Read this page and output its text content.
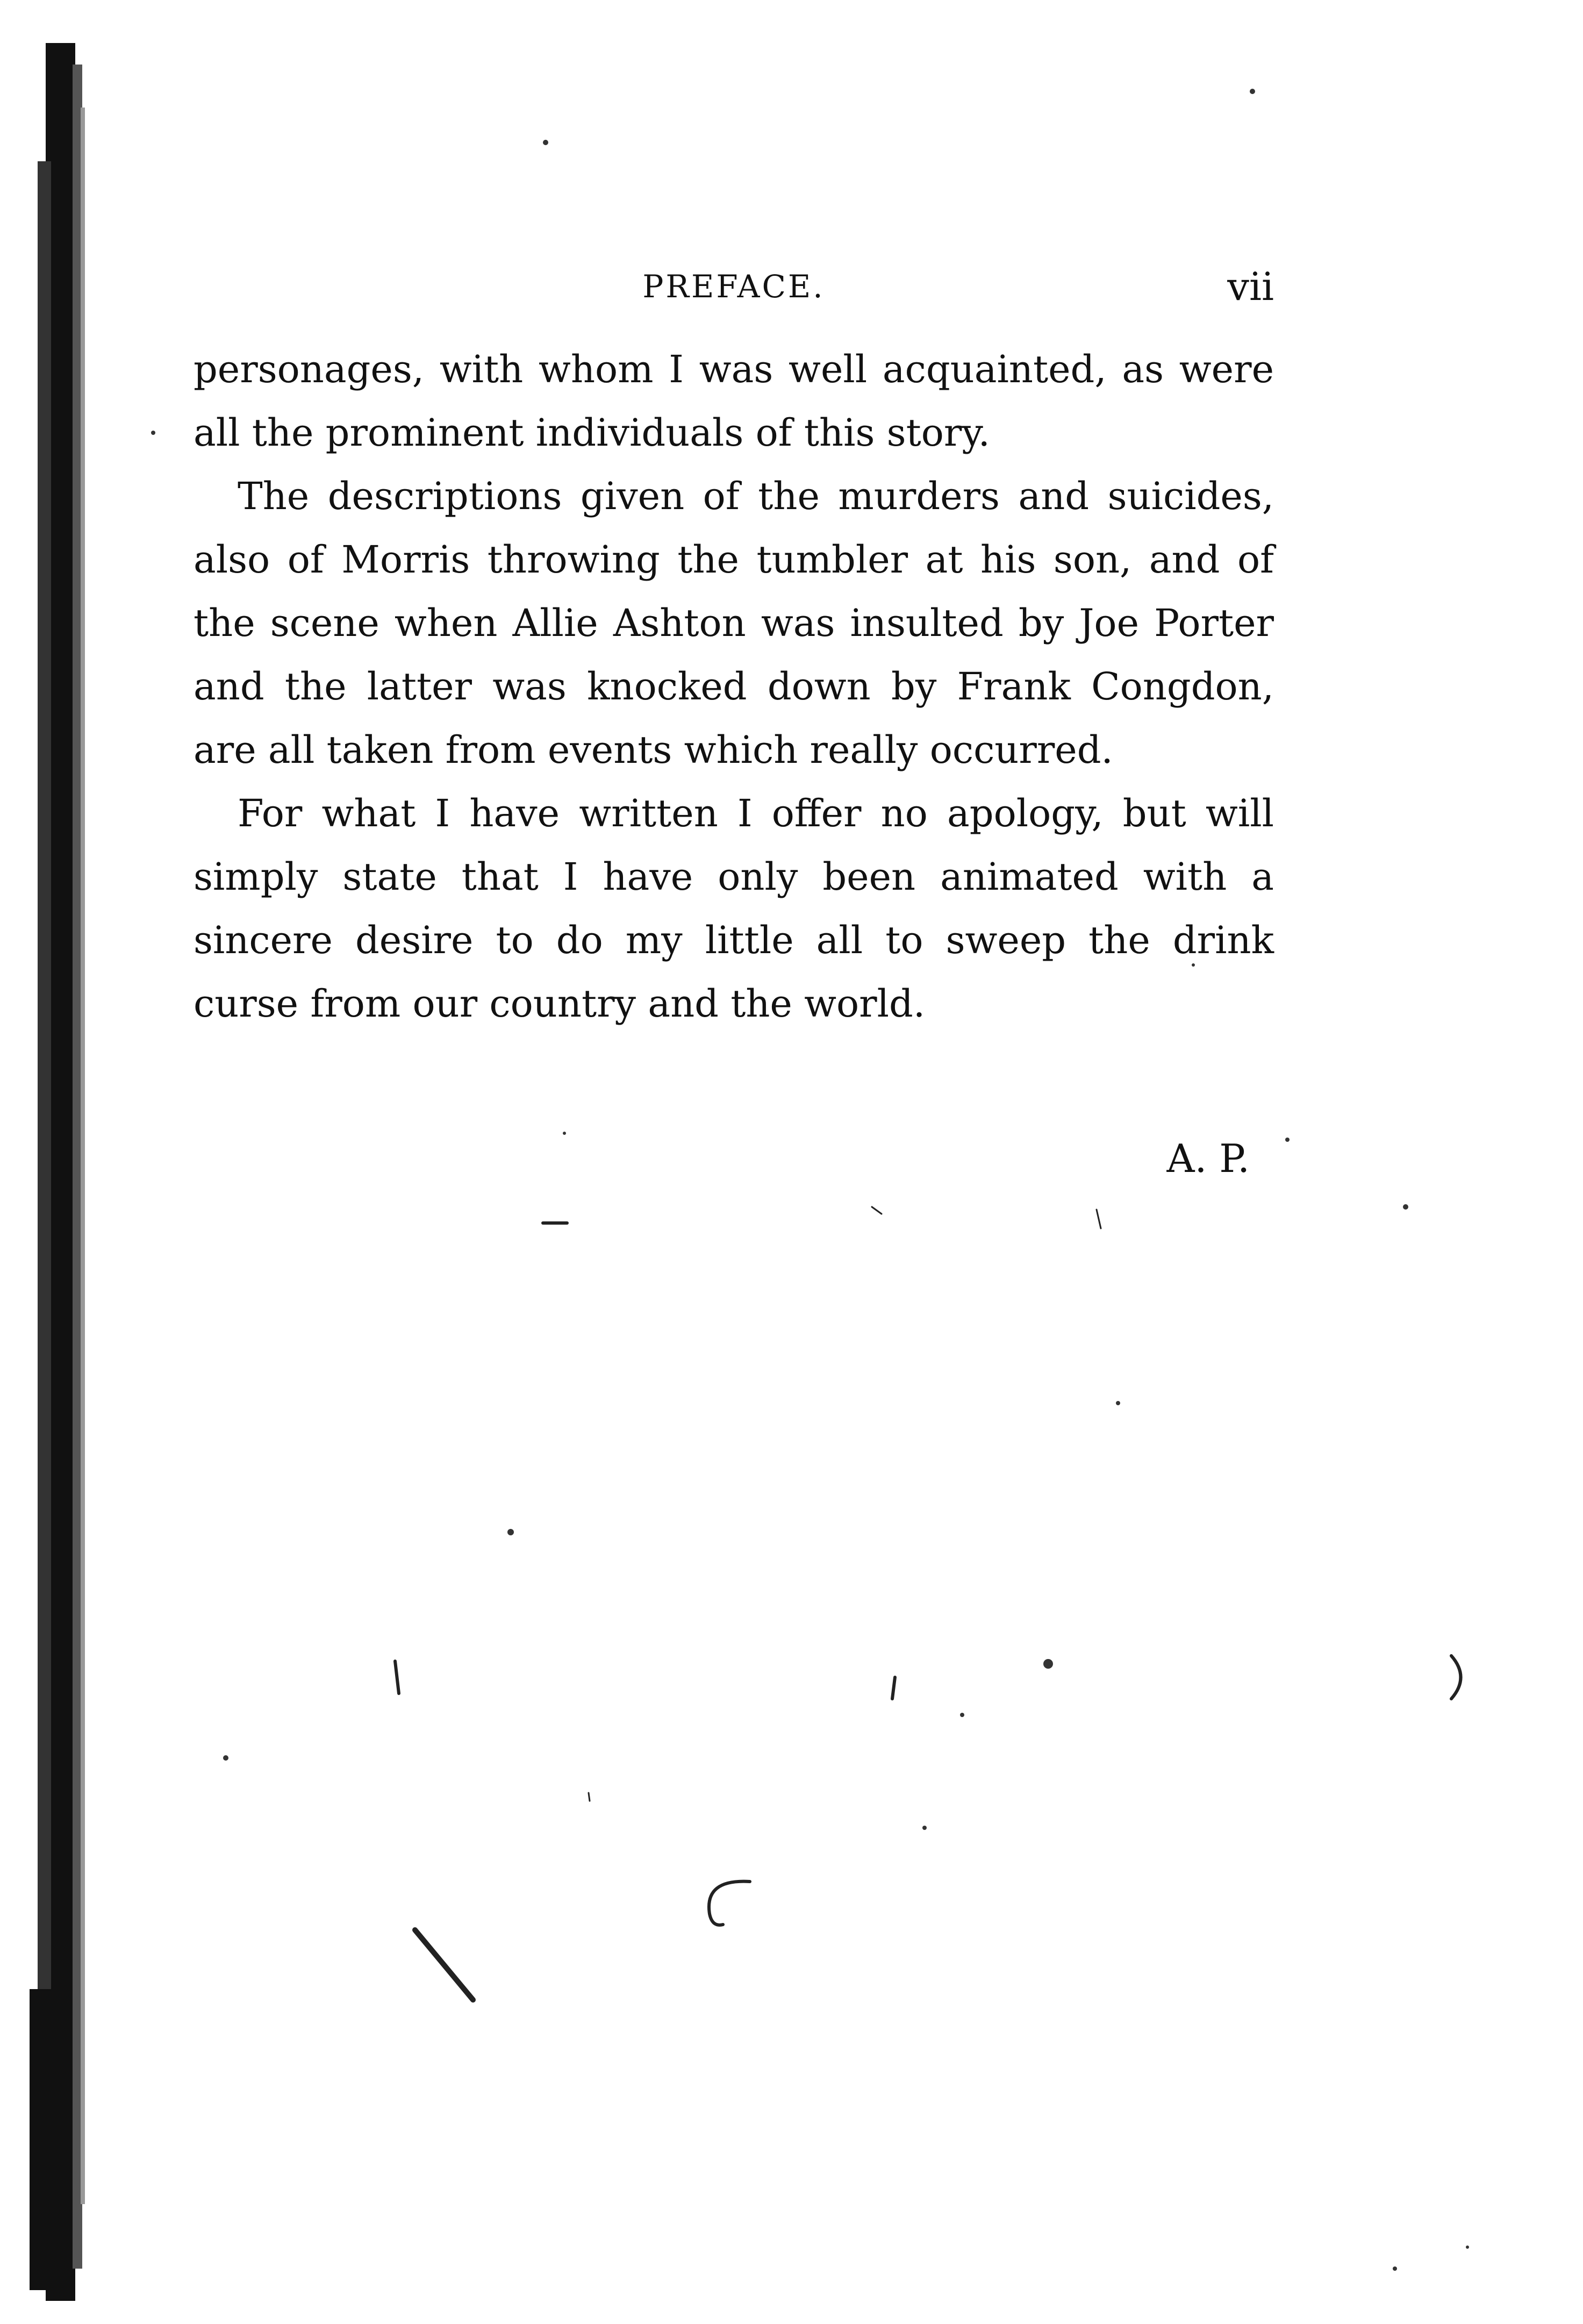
PREFACE.	vii

personages, with whom I was well acquainted, as were all the prominent individuals of this story.

The descriptions given of the murders and suicides, also of Morris throwing the tumbler at his son, and of the scene when Allie Ashton was insulted by Joe Porter and the latter was knocked down by Frank Congdon, are all taken from events which really occurred.

For what I have written I offer no apology, but will simply state that I have only been animated with a sincere desire to do my little all to sweep the drink curse from our country and the world.

A. P.
